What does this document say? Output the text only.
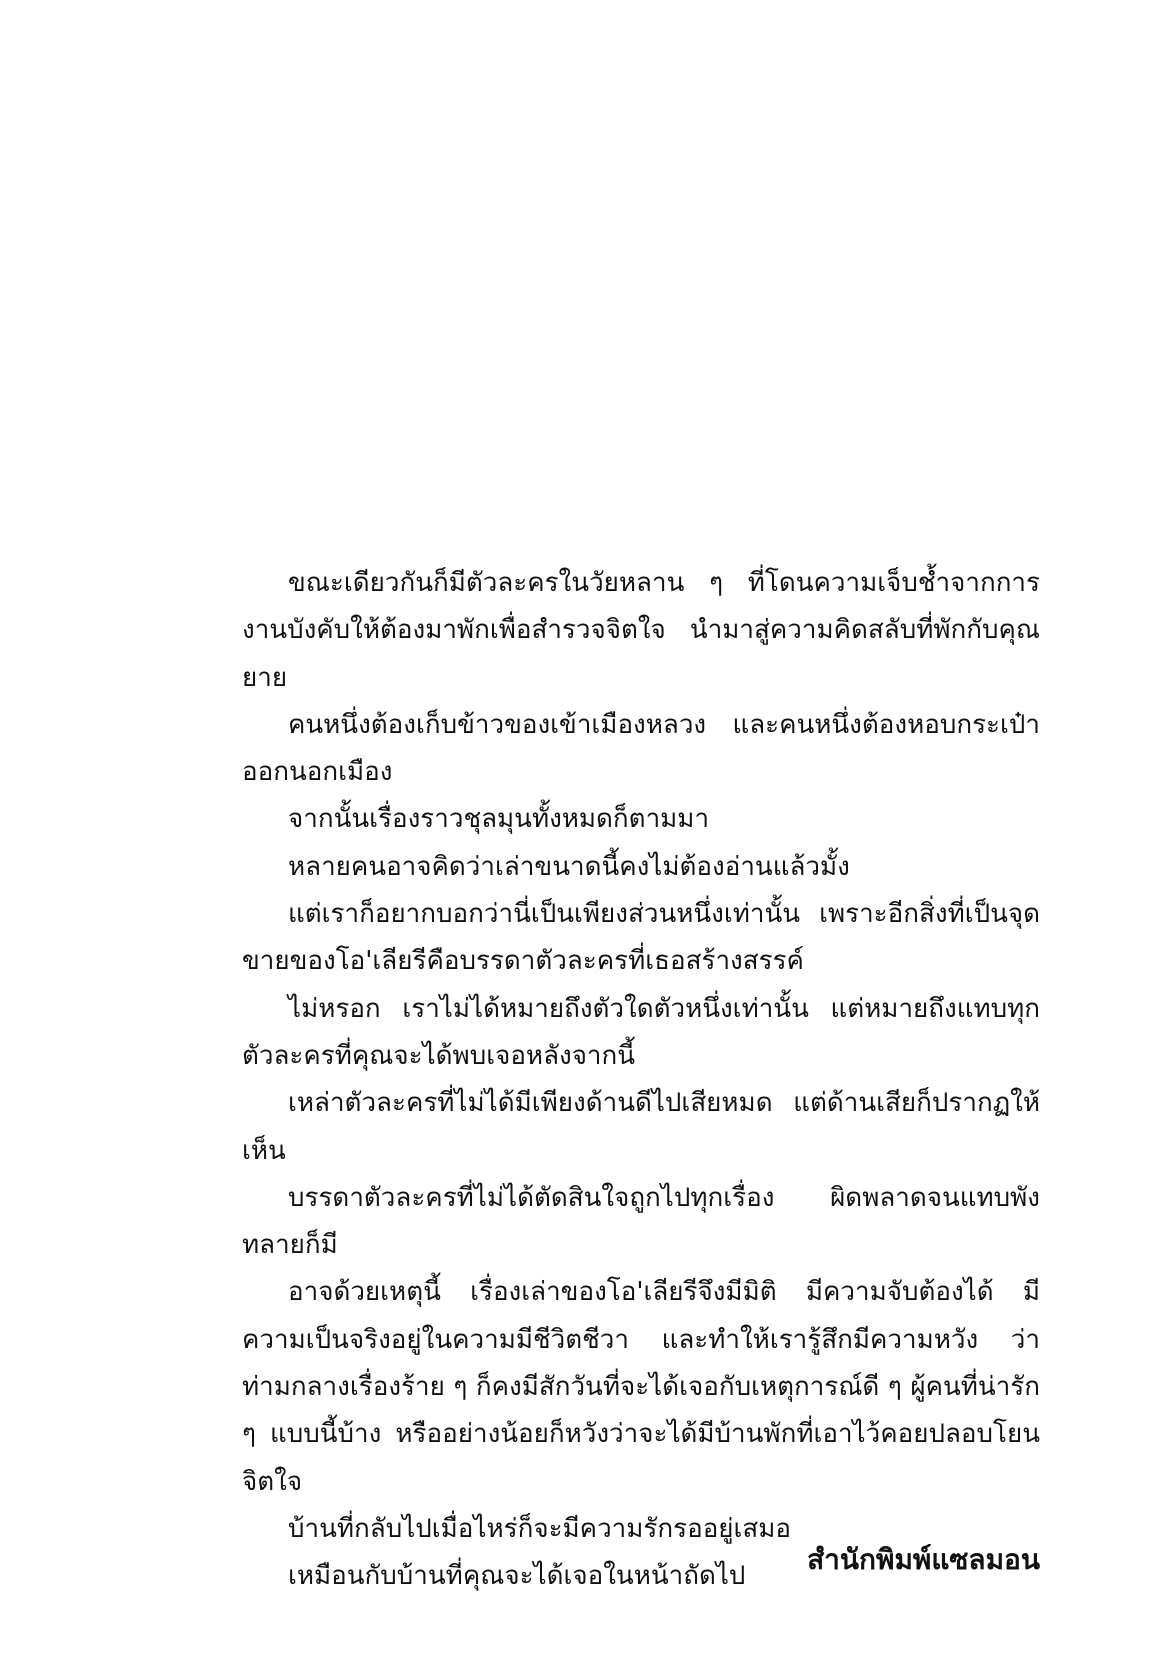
ขณะเดียวกันก็มีตัวละครในวัยหลาน ๆ ที่โดนความเจ็บช้ำจากการงานบังคับให้ต้องมาพักเพื่อสำรวจจิตใจ นำมาสู่ความคิดสลับที่พักกับคุณยาย

คนหนึ่งต้องเก็บข้าวของเข้าเมืองหลวง และคนหนึ่งต้องหอบกระเป๋าออกนอกเมือง

จากนั้นเรื่องราวชุลมุนทั้งหมดก็ตามมา

หลายคนอาจคิดว่าเล่าขนาดนี้คงไม่ต้องอ่านแล้วมั้ง

แต่เราก็อยากบอกว่านี่เป็นเพียงส่วนหนึ่งเท่านั้น เพราะอีกสิ่งที่เป็นจุดขายของโอ'เลียรีคือบรรดาตัวละครที่เธอสร้างสรรค์

ไม่หรอก เราไม่ได้หมายถึงตัวใดตัวหนึ่งเท่านั้น แต่หมายถึงแทบทุกตัวละครที่คุณจะได้พบเจอหลังจากนี้

เหล่าตัวละครที่ไม่ได้มีเพียงด้านดีไปเสียหมด แต่ด้านเสียก็ปรากฏให้เห็น

บรรดาตัวละครที่ไม่ได้ตัดสินใจถูกไปทุกเรื่อง ผิดพลาดจนแทบพังทลายก็มี

อาจด้วยเหตุนี้ เรื่องเล่าของโอ'เลียรีจึงมีมิติ มีความจับต้องได้ มีความเป็นจริงอยู่ในความมีชีวิตชีวา และทำให้เรารู้สึกมีความหวัง ว่าท่ามกลางเรื่องร้าย ๆ ก็คงมีสักวันที่จะได้เจอกับเหตุการณ์ดี ๆ ผู้คนที่น่ารัก ๆ แบบนี้บ้าง หรืออย่างน้อยก็หวังว่าจะได้มีบ้านพักที่เอาไว้คอยปลอบโยนจิตใจ

บ้านที่กลับไปเมื่อไหร่ก็จะมีความรักรออยู่เสมอ

เหมือนกับบ้านที่คุณจะได้เจอในหน้าถัดไป

สำนักพิมพ์แซลมอน
